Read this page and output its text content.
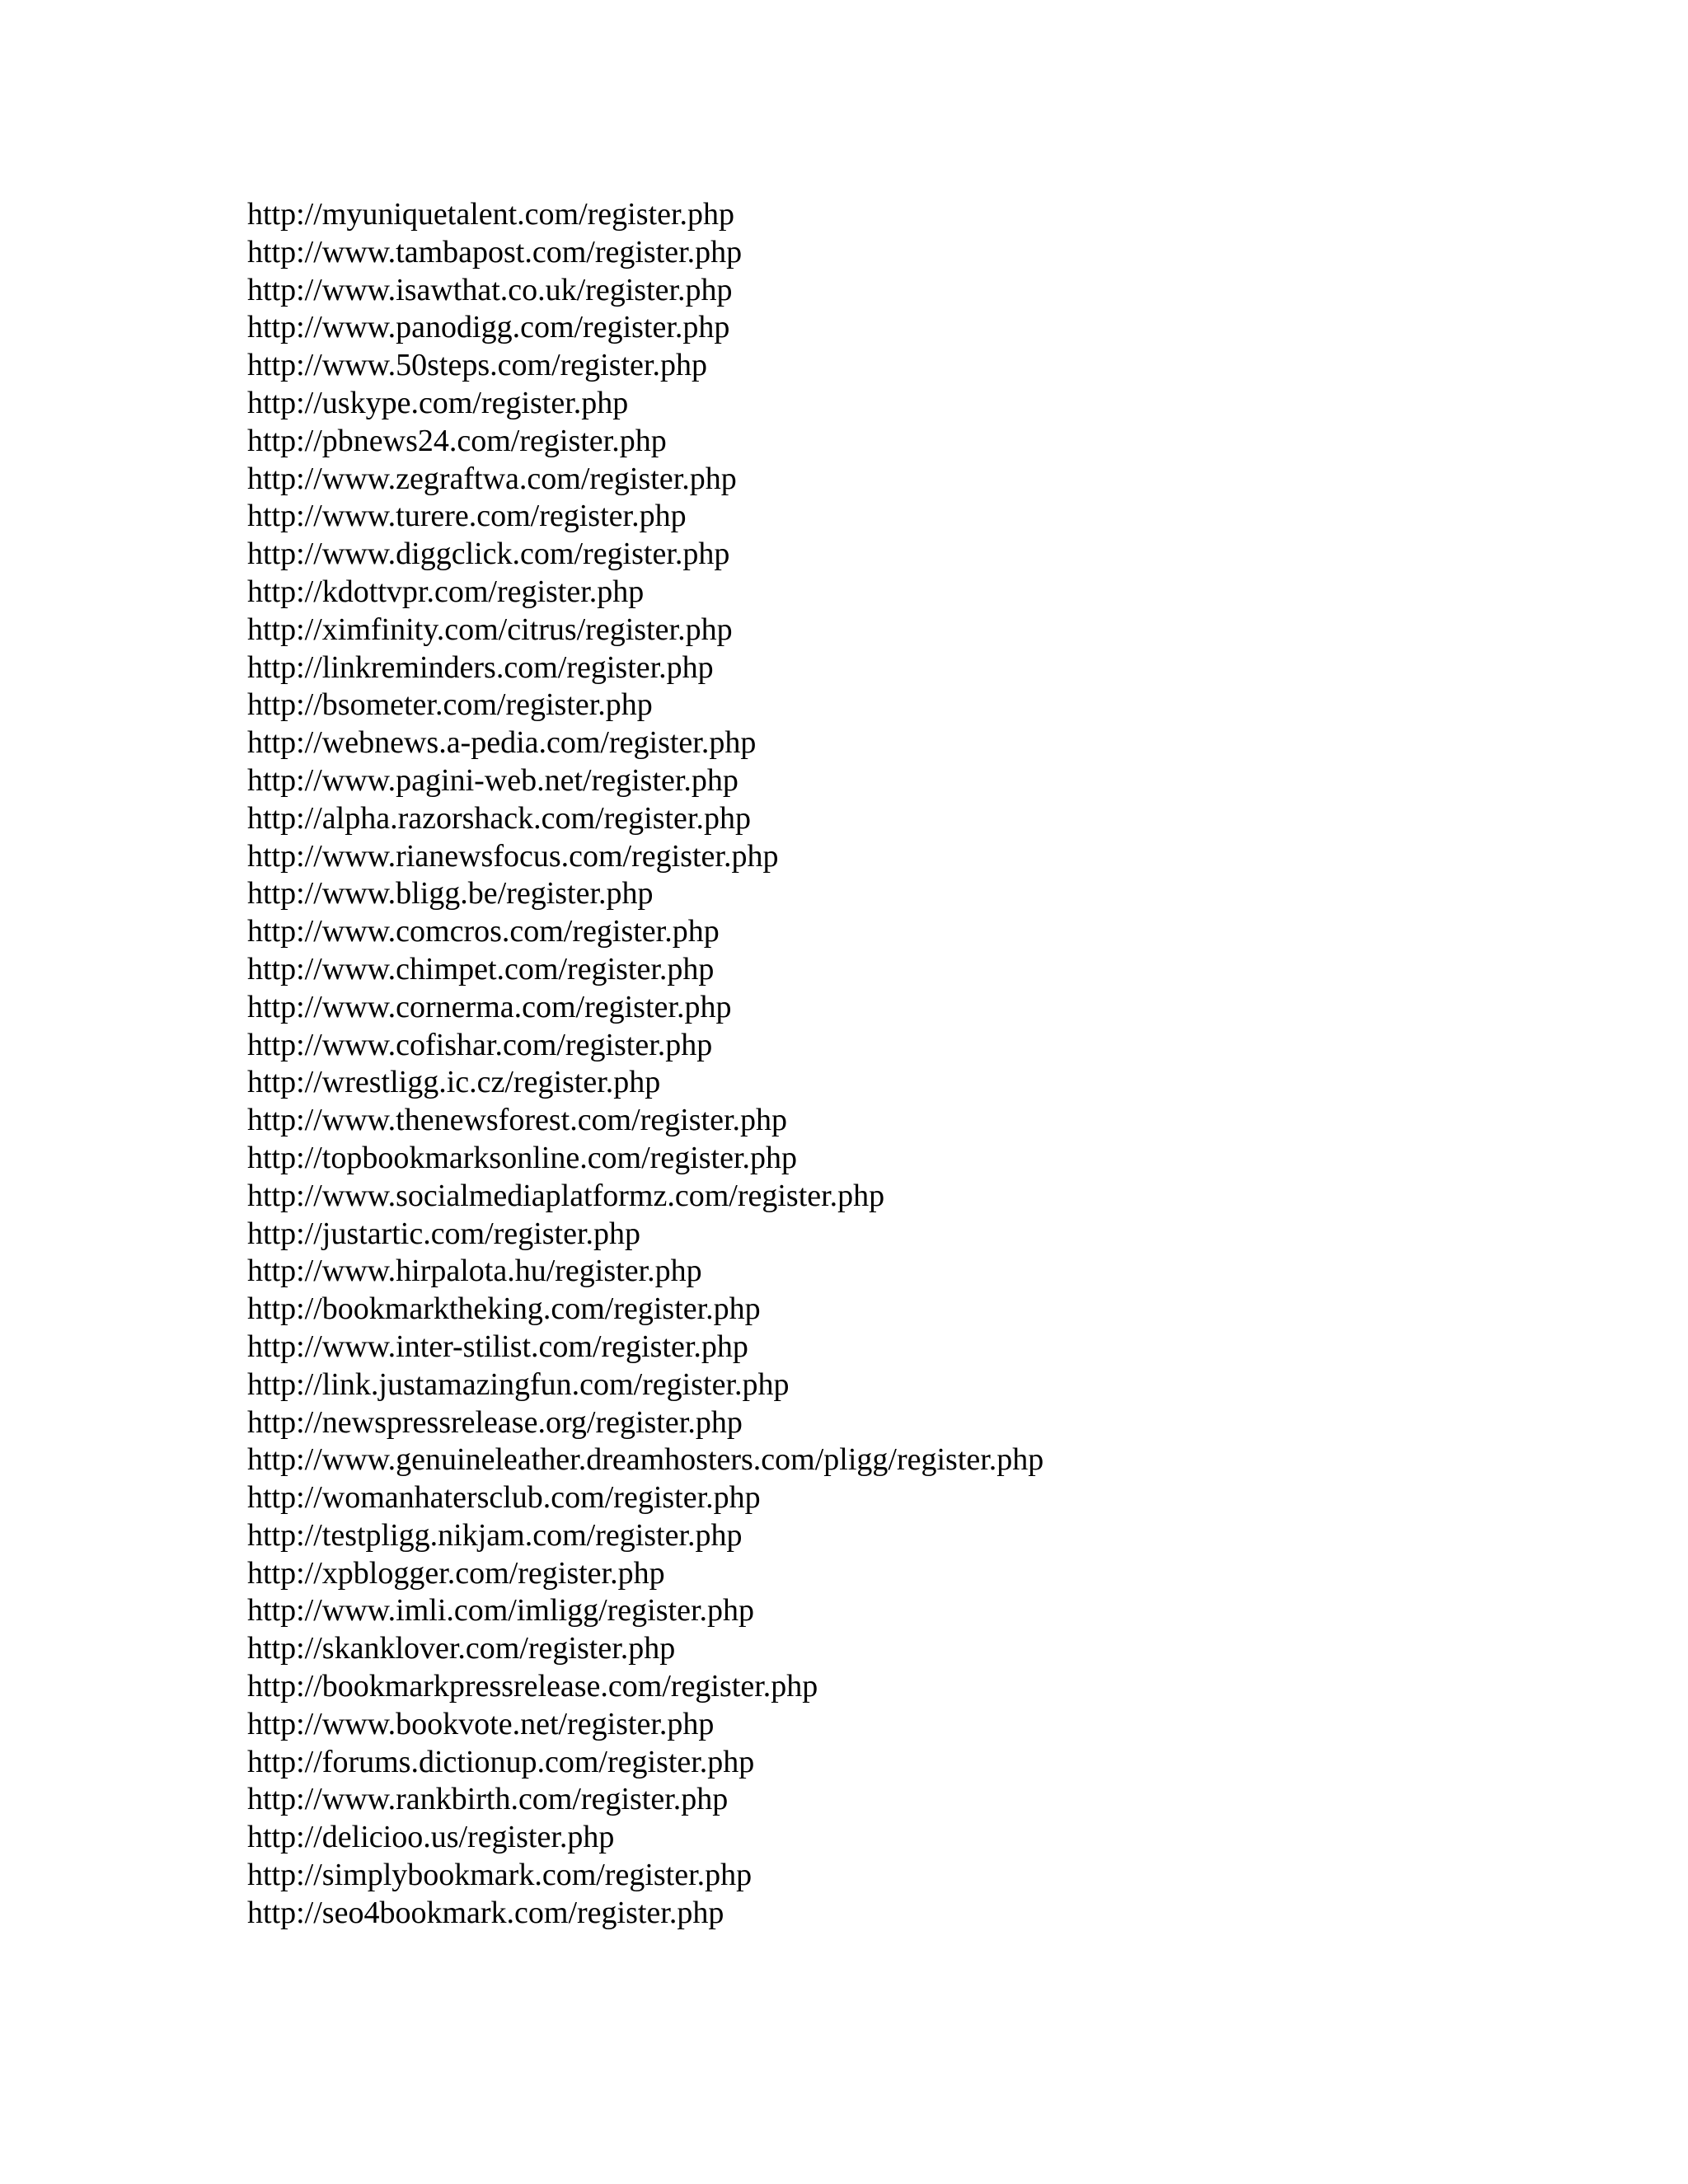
http://myuniquetalent.com/register.php
http://www.tambapost.com/register.php
http://www.isawthat.co.uk/register.php
http://www.panodigg.com/register.php
http://www.50steps.com/register.php
http://uskype.com/register.php
http://pbnews24.com/register.php
http://www.zegraftwa.com/register.php
http://www.turere.com/register.php
http://www.diggclick.com/register.php
http://kdottvpr.com/register.php
http://ximfinity.com/citrus/register.php
http://linkreminders.com/register.php
http://bsometer.com/register.php
http://webnews.a-pedia.com/register.php
http://www.pagini-web.net/register.php
http://alpha.razorshack.com/register.php
http://www.rianewsfocus.com/register.php
http://www.bligg.be/register.php
http://www.comcros.com/register.php
http://www.chimpet.com/register.php
http://www.cornerma.com/register.php
http://www.cofishar.com/register.php
http://wrestligg.ic.cz/register.php
http://www.thenewsforest.com/register.php
http://topbookmarksonline.com/register.php
http://www.socialmediaplatformz.com/register.php
http://justartic.com/register.php
http://www.hirpalota.hu/register.php
http://bookmarktheking.com/register.php
http://www.inter-stilist.com/register.php
http://link.justamazingfun.com/register.php
http://newspressrelease.org/register.php
http://www.genuineleather.dreamhosters.com/pligg/register.php
http://womanhatersclub.com/register.php
http://testpligg.nikjam.com/register.php
http://xpblogger.com/register.php
http://www.imli.com/imligg/register.php
http://skanklover.com/register.php
http://bookmarkpressrelease.com/register.php
http://www.bookvote.net/register.php
http://forums.dictionup.com/register.php
http://www.rankbirth.com/register.php
http://delicioo.us/register.php
http://simplybookmark.com/register.php
http://seo4bookmark.com/register.php
